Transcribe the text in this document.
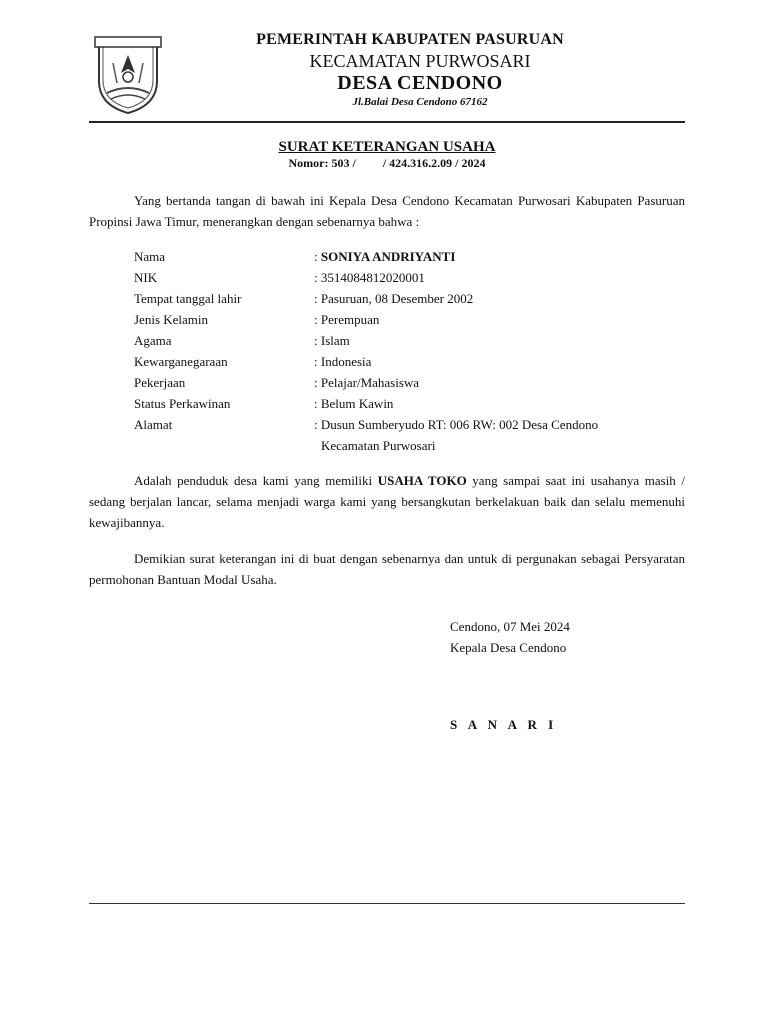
PEMERINTAH KABUPATEN PASURUAN
KECAMATAN PURWOSARI
DESA CENDONO
Jl.Balai Desa Cendono 67162
SURAT KETERANGAN USAHA
Nomor: 503 /         / 424.316.2.09 / 2024
Yang bertanda tangan di bawah ini Kepala Desa Cendono Kecamatan Purwosari Kabupaten Pasuruan Propinsi Jawa Timur, menerangkan dengan sebenarnya bahwa :
Nama	: SONIYA ANDRIYANTI
NIK	: 3514084812020001
Tempat tanggal lahir	: Pasuruan, 08 Desember 2002
Jenis Kelamin	: Perempuan
Agama	: Islam
Kewarganegaraan	: Indonesia
Pekerjaan	: Pelajar/Mahasiswa
Status Perkawinan	: Belum Kawin
Alamat	: Dusun Sumberyudo RT: 006 RW: 002 Desa Cendono
Kecamatan Purwosari
Adalah penduduk desa kami yang memiliki USAHA TOKO yang sampai saat ini usahanya masih / sedang berjalan lancar, selama menjadi warga kami yang bersangkutan berkelakuan baik dan selalu memenuhi kewajibannya.
Demikian surat keterangan ini di buat dengan sebenarnya dan untuk di pergunakan sebagai Persyaratan permohonan Bantuan Modal Usaha.
Cendono, 07 Mei 2024
Kepala Desa Cendono
S A N A R I
